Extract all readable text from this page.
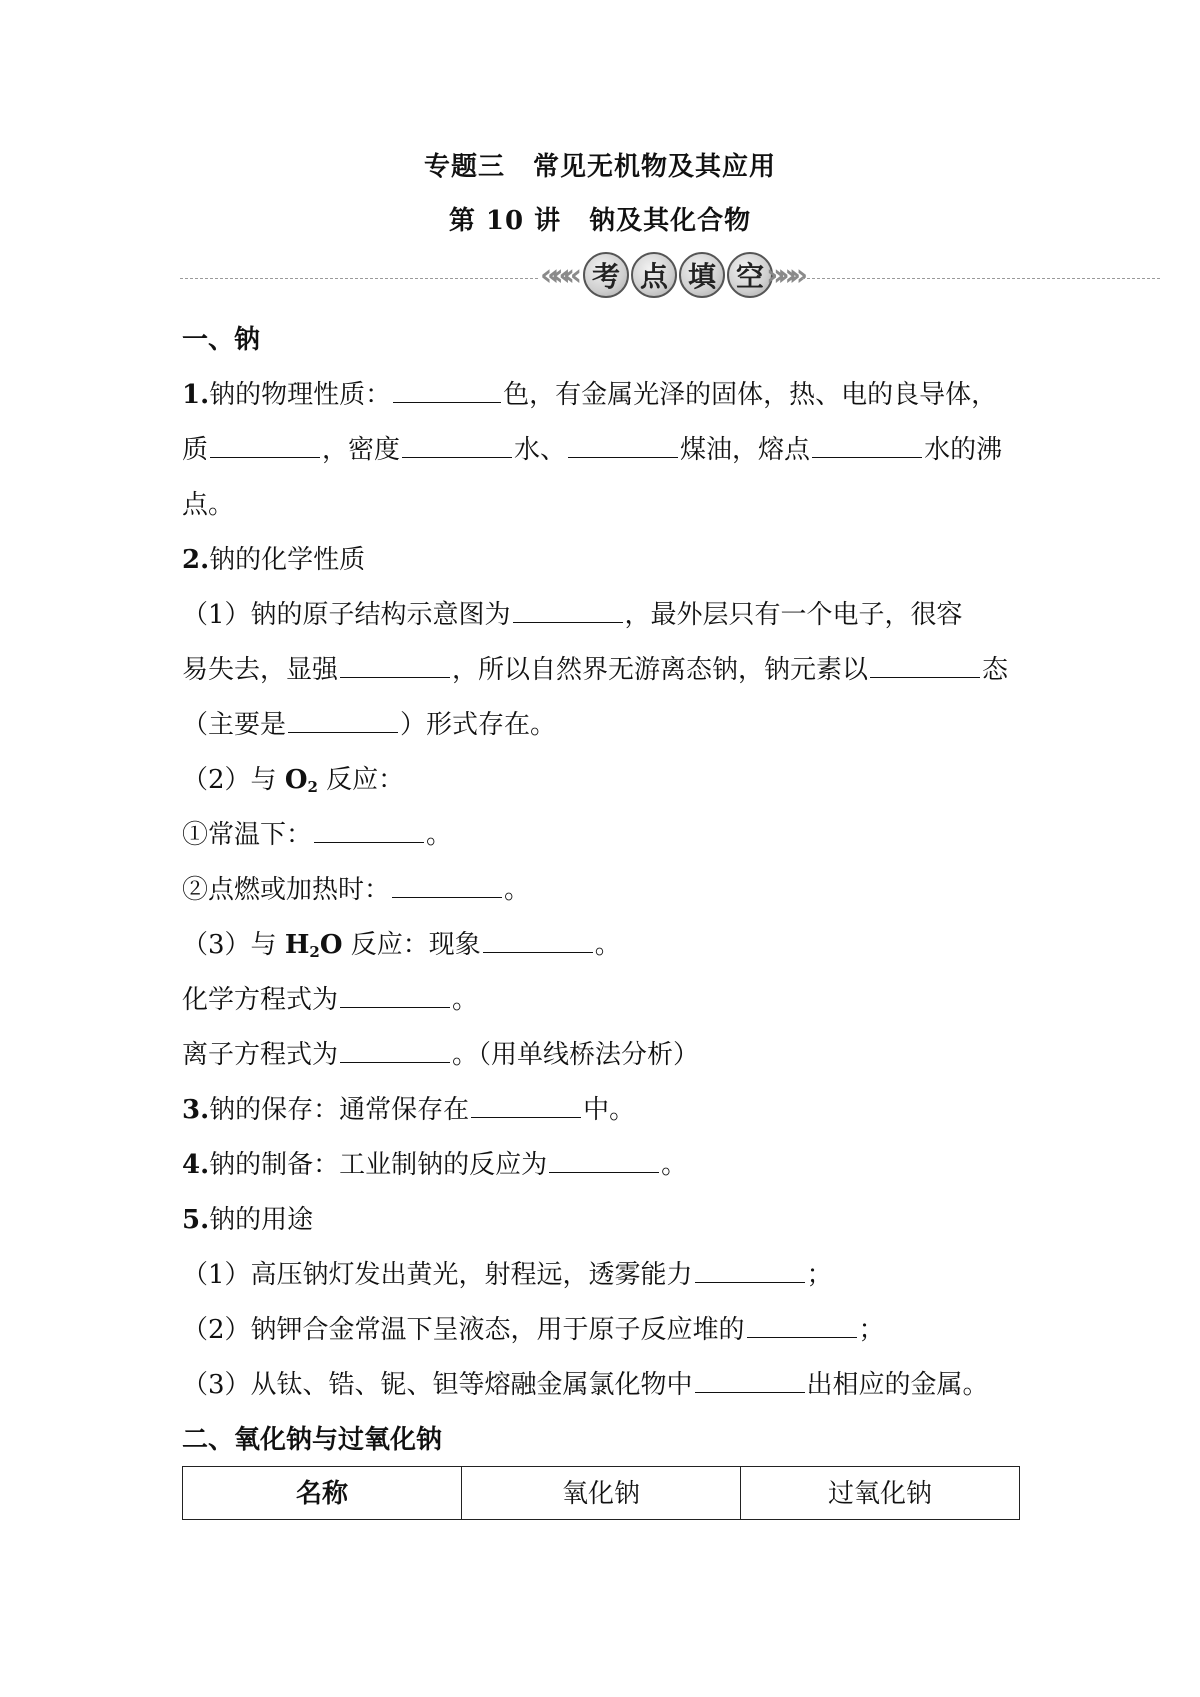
专题三 常见无机物及其应用
第 10 讲 钠及其化合物
««« 考 点 填 空 »»»
一、钠
1.钠的物理性质：	色，有金属光泽的固体，热、电的良导体，
质	，密度	水、	煤油，熔点	水的沸
点。
2.钠的化学性质
（1）钠的原子结构示意图为	，最外层只有一个电子，很容
易失去，显强	，所以自然界无游离态钠，钠元素以	态
（主要是	）形式存在。
（2）与 $O_2$ 反应：
①常温下：	。
②点燃或加热时：	。
（3）与 $H_2O$ 反应：现象	。
化学方程式为	。
离子方程式为	。（用单线桥法分析）
3.钠的保存：通常保存在	中。
4.钠的制备：工业制钠的反应为	。
5.钠的用途
（1）高压钠灯发出黄光，射程远，透雾能力	；
（2）钠钾合金常温下呈液态，用于原子反应堆的	；
（3）从钛、锆、铌、钽等熔融金属氯化物中	出相应的金属。
二、氧化钠与过氧化钠
名称	氧化钠	过氧化钠
